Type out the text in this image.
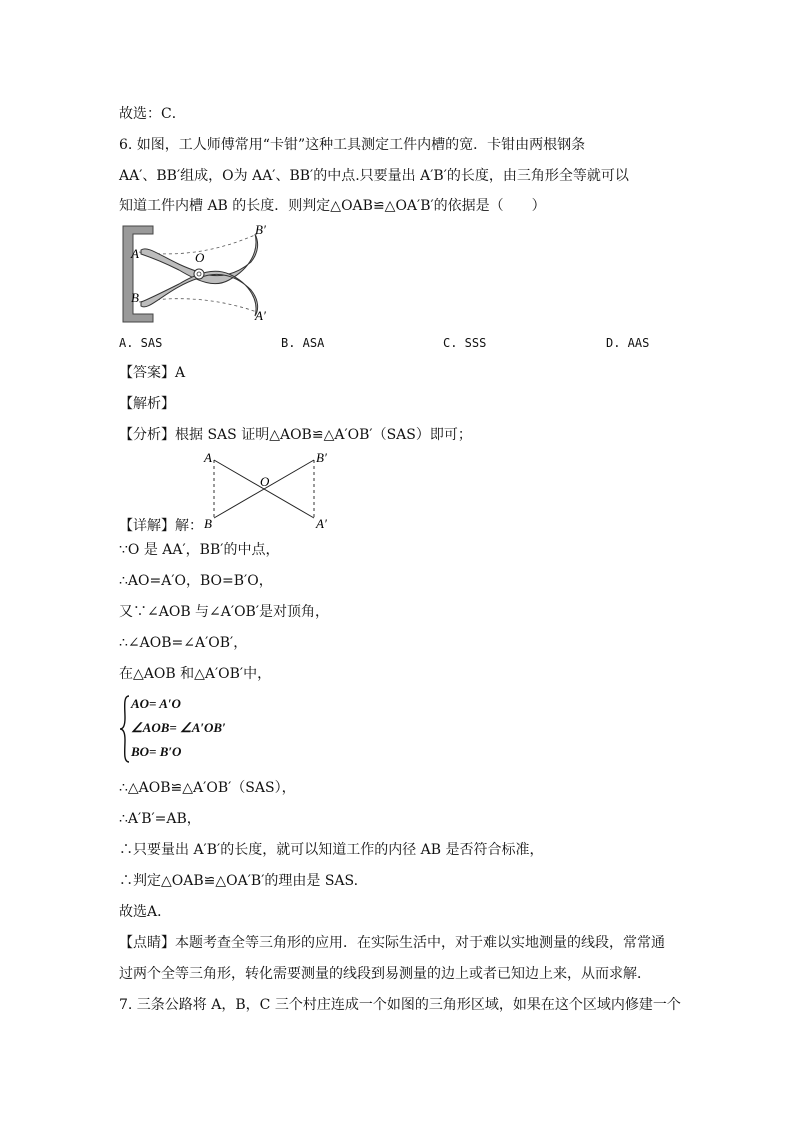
故选：C．
6. 如图，工人师傅常用“卡钳”这种工具测定工件内槽的宽．卡钳由两根钢条
AA′、BB′组成，O为 AA′、BB′的中点.只要量出 A′B′的长度，由三角形全等就可以
知道工件内槽 AB 的长度．则判定△OAB≌△OA′B′的依据是（　　）
A
B
O
B′
A′
A. SAS	B. ASA	C. SSS	D. AAS
【答案】A
【解析】
【分析】根据 SAS 证明△AOB≌△A′OB′（SAS）即可；
A
B
O
B′
A′
【详解】解：
∵O 是 AA′，BB′的中点，
∴AO=A′O，BO=B′O，
又∵∠AOB 与∠A′OB′是对顶角，
∴∠AOB=∠A′OB′，
在△AOB 和△A′OB′中，
AO= A′O
∠AOB= ∠A′OB′
BO= B′O
∴△AOB≌△A′OB′（SAS），
∴A′B′=AB，
∴只要量出 A′B′的长度，就可以知道工作的内径 AB 是否符合标准，
∴判定△OAB≌△OA′B′的理由是 SAS.
故选A．
【点睛】本题考查全等三角形的应用．在实际生活中，对于难以实地测量的线段，常常通
过两个全等三角形，转化需要测量的线段到易测量的边上或者已知边上来，从而求解．
7. 三条公路将 A，B，C 三个村庄连成一个如图的三角形区域，如果在这个区域内修建一个
